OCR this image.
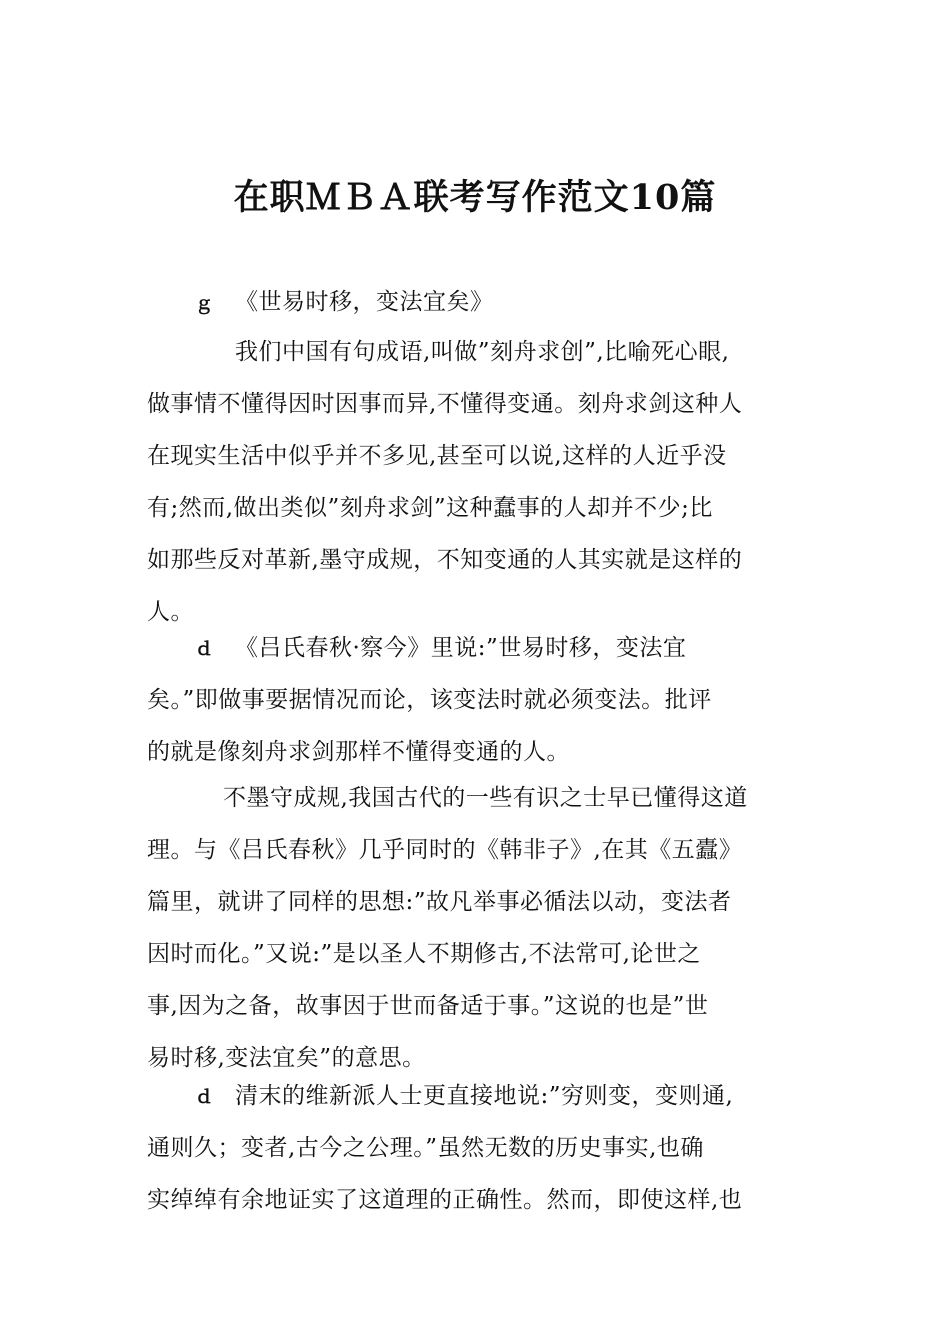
在职ＭＢＡ联考写作范文10篇
ｇ 《世易时移，变法宜矣》
我们中国有句成语,叫做”刻舟求创”,比喻死心眼,
做事情不懂得因时因事而异,不懂得变通。刻舟求剑这种人
在现实生活中似乎并不多见,甚至可以说,这样的人近乎没
有;然而,做出类似”刻舟求剑”这种蠢事的人却并不少;比
如那些反对革新,墨守成规，不知变通的人其实就是这样的
人。
ｄ 《吕氏春秋·察今》里说:”世易时移，变法宜
矣。”即做事要据情况而论，该变法时就必须变法。批评
的就是像刻舟求剑那样不懂得变通的人。
不墨守成规,我国古代的一些有识之士早已懂得这道
理。与《吕氏春秋》几乎同时的《韩非子》,在其《五蠹》
篇里，就讲了同样的思想:”故凡举事必循法以动，变法者
因时而化。”又说:”是以圣人不期修古,不法常可,论世之
事,因为之备，故事因于世而备适于事。”这说的也是”世
易时移,变法宜矣”的意思。
ｄ 清末的维新派人士更直接地说:”穷则变，变则通,
通则久；变者,古今之公理。”虽然无数的历史事实,也确
实绰绰有余地证实了这道理的正确性。然而，即使这样,也
